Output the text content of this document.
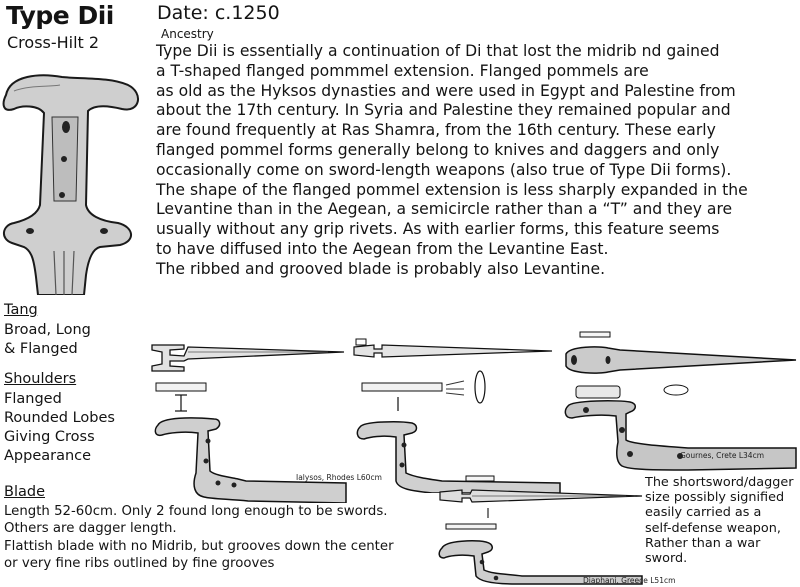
Type Dii
Cross-Hilt 2
Date: c.1250
Ancestry

Type Dii is essentially a continuation of Di that lost the midrib nd gained

a T-shaped flanged pommmel extension. Flanged pommels are

as old as the Hyksos dynasties and were used in Egypt and Palestine from

about the 17th century. In Syria and Palestine they remained popular and

are found frequently at Ras Shamra, from the 16th century. These early

flanged pommel forms generally belong to knives and daggers and only

occasionally come on sword-length weapons (also true of Type Dii forms).

The shape of the flanged pommel extension is less sharply expanded in the

Levantine than in the Aegean, a semicircle rather than a “T” and they are

usually without any grip rivets. As with earlier forms, this feature seems

to have diffused into the Aegean from the Levantine East.

The ribbed and grooved blade is probably also Levantine.

Tang
Broad, Long
& Flanged
Shoulders
Flanged
Rounded Lobes
Giving Cross
Appearance
Blade
Length 52-60cm. Only 2 found long enough to be swords.
Others are dagger length.
Flattish blade with no Midrib, but grooves down the center
or very fine ribs outlined by fine grooves
The shortsword/dagger
size possibly signified
easily carried as a
self-defense weapon,
Rather than a war sword.
Ialysos, Rhodes L60cm
Gournes, Crete L34cm
Diaphani, Greece L51cm
